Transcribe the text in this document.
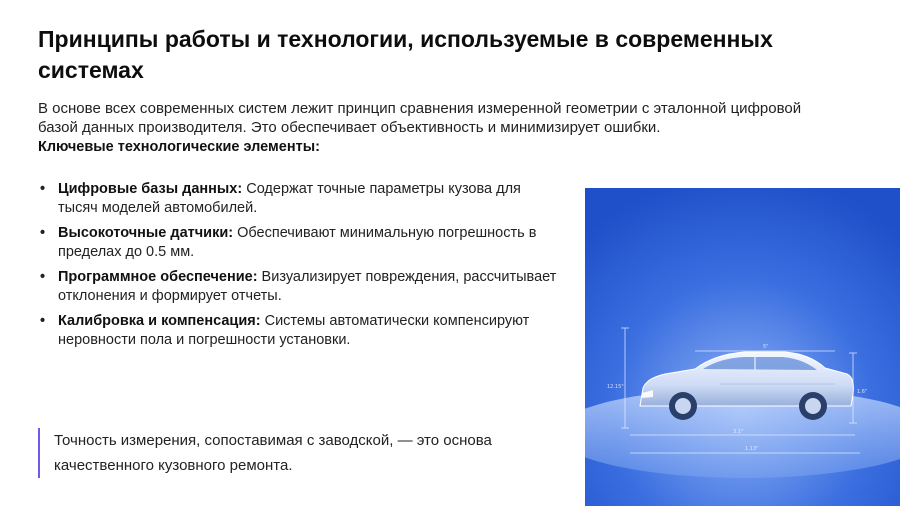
Принципы работы и технологии, используемые в современных системах
В основе всех современных систем лежит принцип сравнения измеренной геометрии с эталонной цифровой базой данных производителя. Это обеспечивает объективность и минимизирует ошибки.
Ключевые технологические элементы:
• Цифровые базы данных: Содержат точные параметры кузова для тысяч моделей автомобилей.
• Высокоточные датчики: Обеспечивают минимальную погрешность в пределах до 0.5 мм.
• Программное обеспечение: Визуализирует повреждения, рассчитывает отклонения и формирует отчеты.
• Калибровка и компенсация: Системы автоматически компенсируют неровности пола и погрешности установки.
Точность измерения, сопоставимая с заводской, — это основа качественного кузовного ремонта.
12.15"
1.6"
5"
3.1"
1.13"
